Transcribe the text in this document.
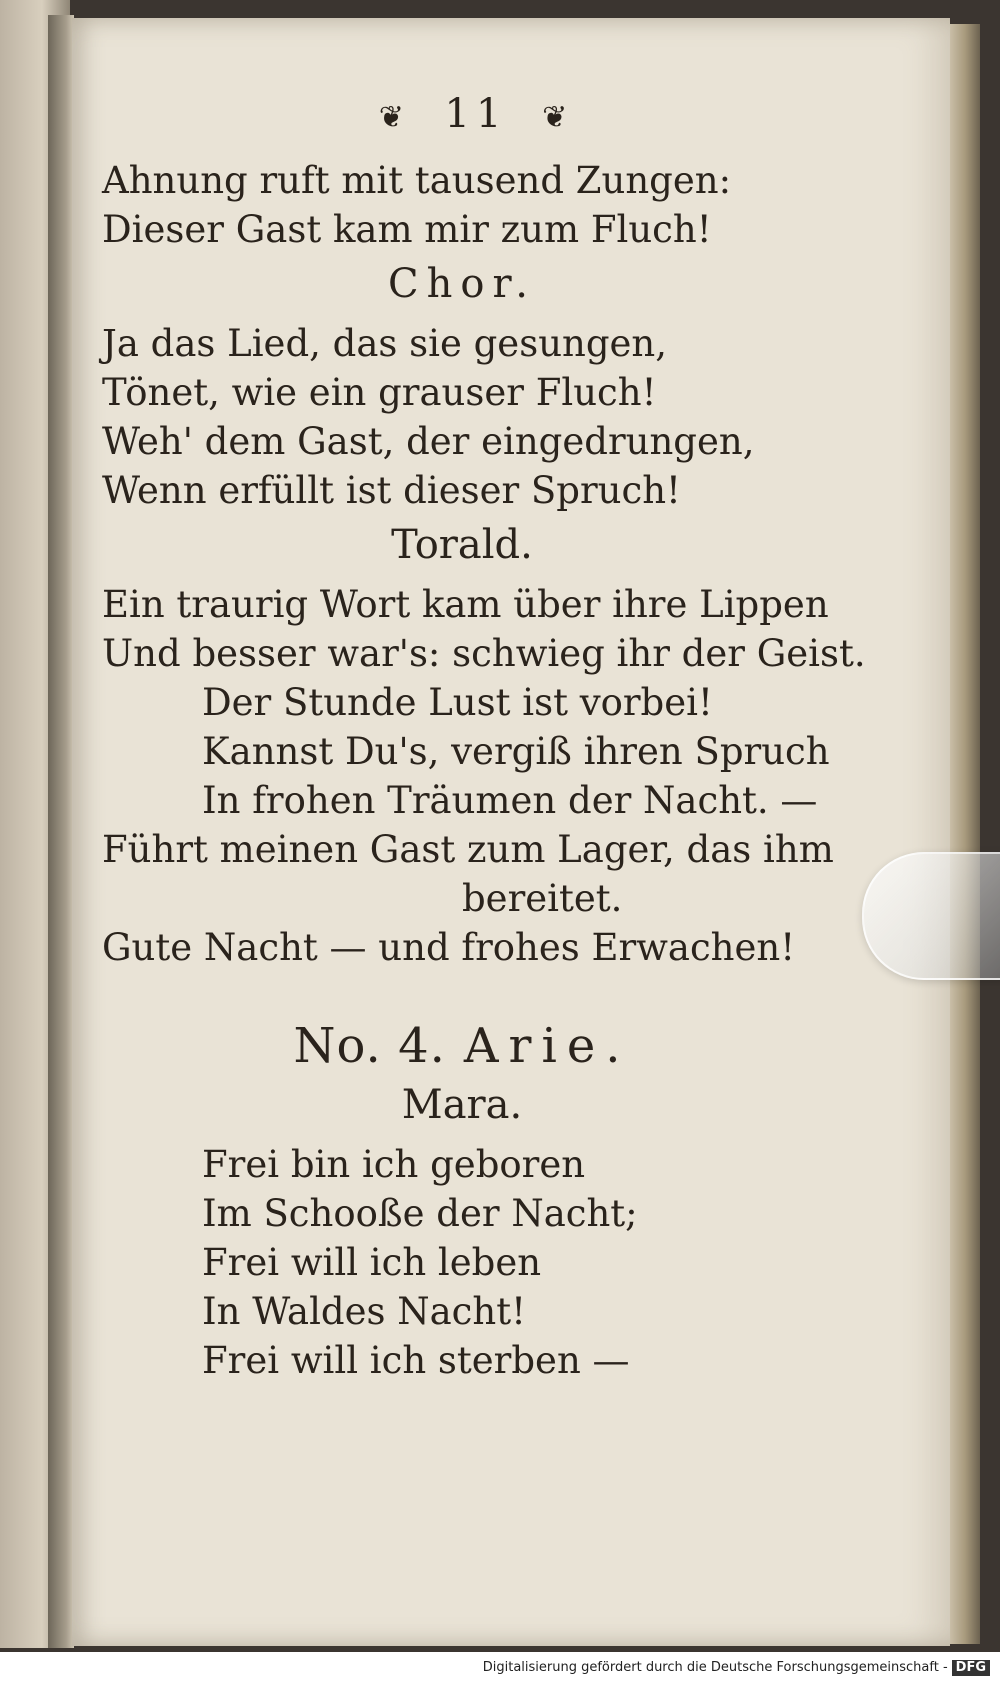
❦ 11 ❦
Ahnung ruft mit tausend Zungen:
Dieser Gast kam mir zum Fluch!
Chor.
Ja das Lied, das sie gesungen,
Tönet, wie ein grauser Fluch!
Weh' dem Gast, der eingedrungen,
Wenn erfüllt ist dieser Spruch!
Torald.
Ein traurig Wort kam über ihre Lippen
Und besser war's: schwieg ihr der Geist.
Der Stunde Lust ist vorbei!
Kannst Du's, vergiß ihren Spruch
In frohen Träumen der Nacht. —
Führt meinen Gast zum Lager, das ihm
bereitet.
Gute Nacht — und frohes Erwachen!
No. 4. Arie.
Mara.
Frei bin ich geboren
Im Schooße der Nacht;
Frei will ich leben
In Waldes Nacht!
Frei will ich sterben —
Digitalisierung gefördert durch die Deutsche Forschungsgemeinschaft - DFG
